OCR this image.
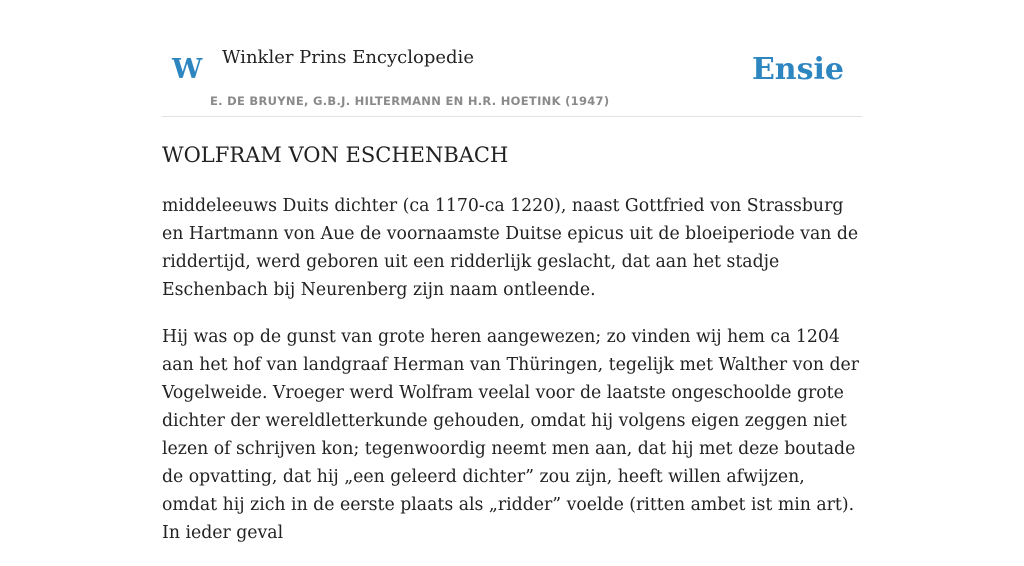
W Winkler Prins Encyclopedie
E. DE BRUYNE, G.B.J. HILTERMANN EN H.R. HOETINK (1947)
Ensie
WOLFRAM VON ESCHENBACH

middeleeuws Duits dichter (ca 1170-ca 1220), naast Gottfried von Strassburg en Hartmann von Aue de voornaamste Duitse epicus uit de bloeiperiode van de riddertijd, werd geboren uit een ridderlijk geslacht, dat aan het stadje Eschenbach bij Neurenberg zijn naam ontleende.

Hij was op de gunst van grote heren aangewezen; zo vinden wij hem ca 1204 aan het hof van landgraaf Herman van Thüringen, tegelijk met Walther von der Vogelweide. Vroeger werd Wolfram veelal voor de laatste ongeschoolde grote dichter der wereldletterkunde gehouden, omdat hij volgens eigen zeggen niet lezen of schrijven kon; tegenwoordig neemt men aan, dat hij met deze boutade de opvatting, dat hij „een geleerd dichter” zou zijn, heeft willen afwijzen, omdat hij zich in de eerste plaats als „ridder” voelde (ritten ambet ist min art). In ieder geval
